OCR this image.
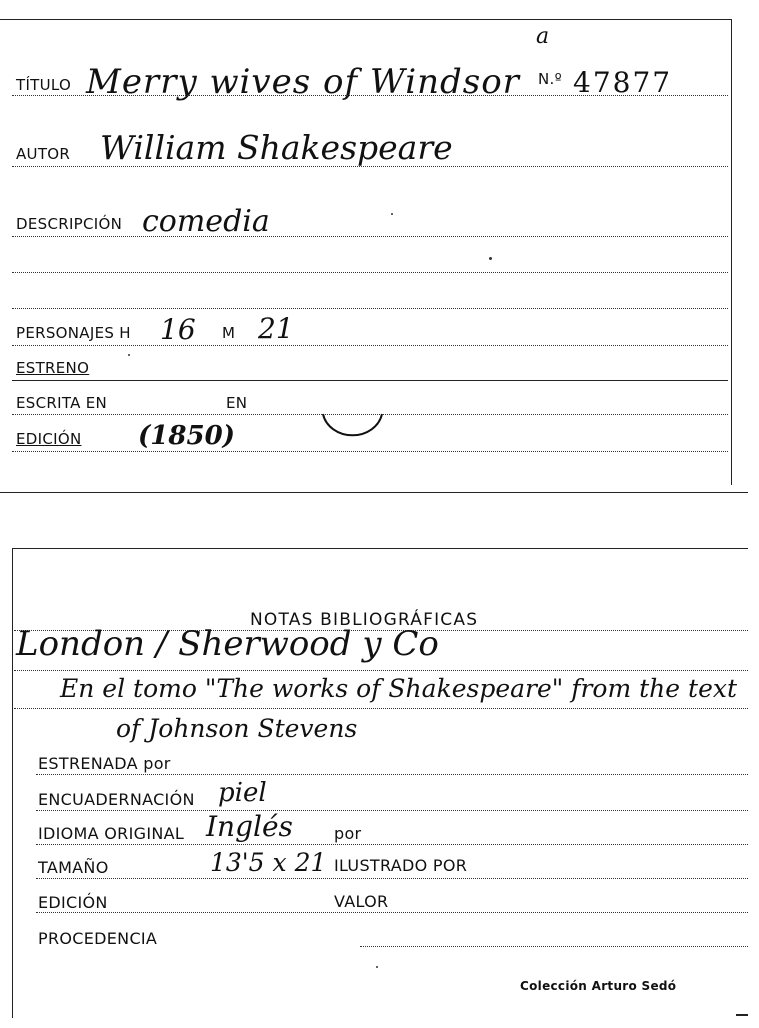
a
TÍTULO Merry wives of Windsor N.º 47877
AUTOR William Shakespeare
DESCRIPCIÓN comedia
PERSONAJES H 16 M 21
ESTRENO
ESCRITA EN	EN
EDICIÓN (1850)
NOTAS BIBLIOGRÁFICAS
London / Sherwood y Co
En el tomo "The works of Shakespeare" from the text
of Johnson Stevens
ESTRENADA por
ENCUADERNACIÓN piel
IDIOMA ORIGINAL Inglés	por
TAMAÑO	13'5 x 21 ILUSTRADO POR
EDICIÓN	VALOR
PROCEDENCIA
Colección Arturo Sedó
